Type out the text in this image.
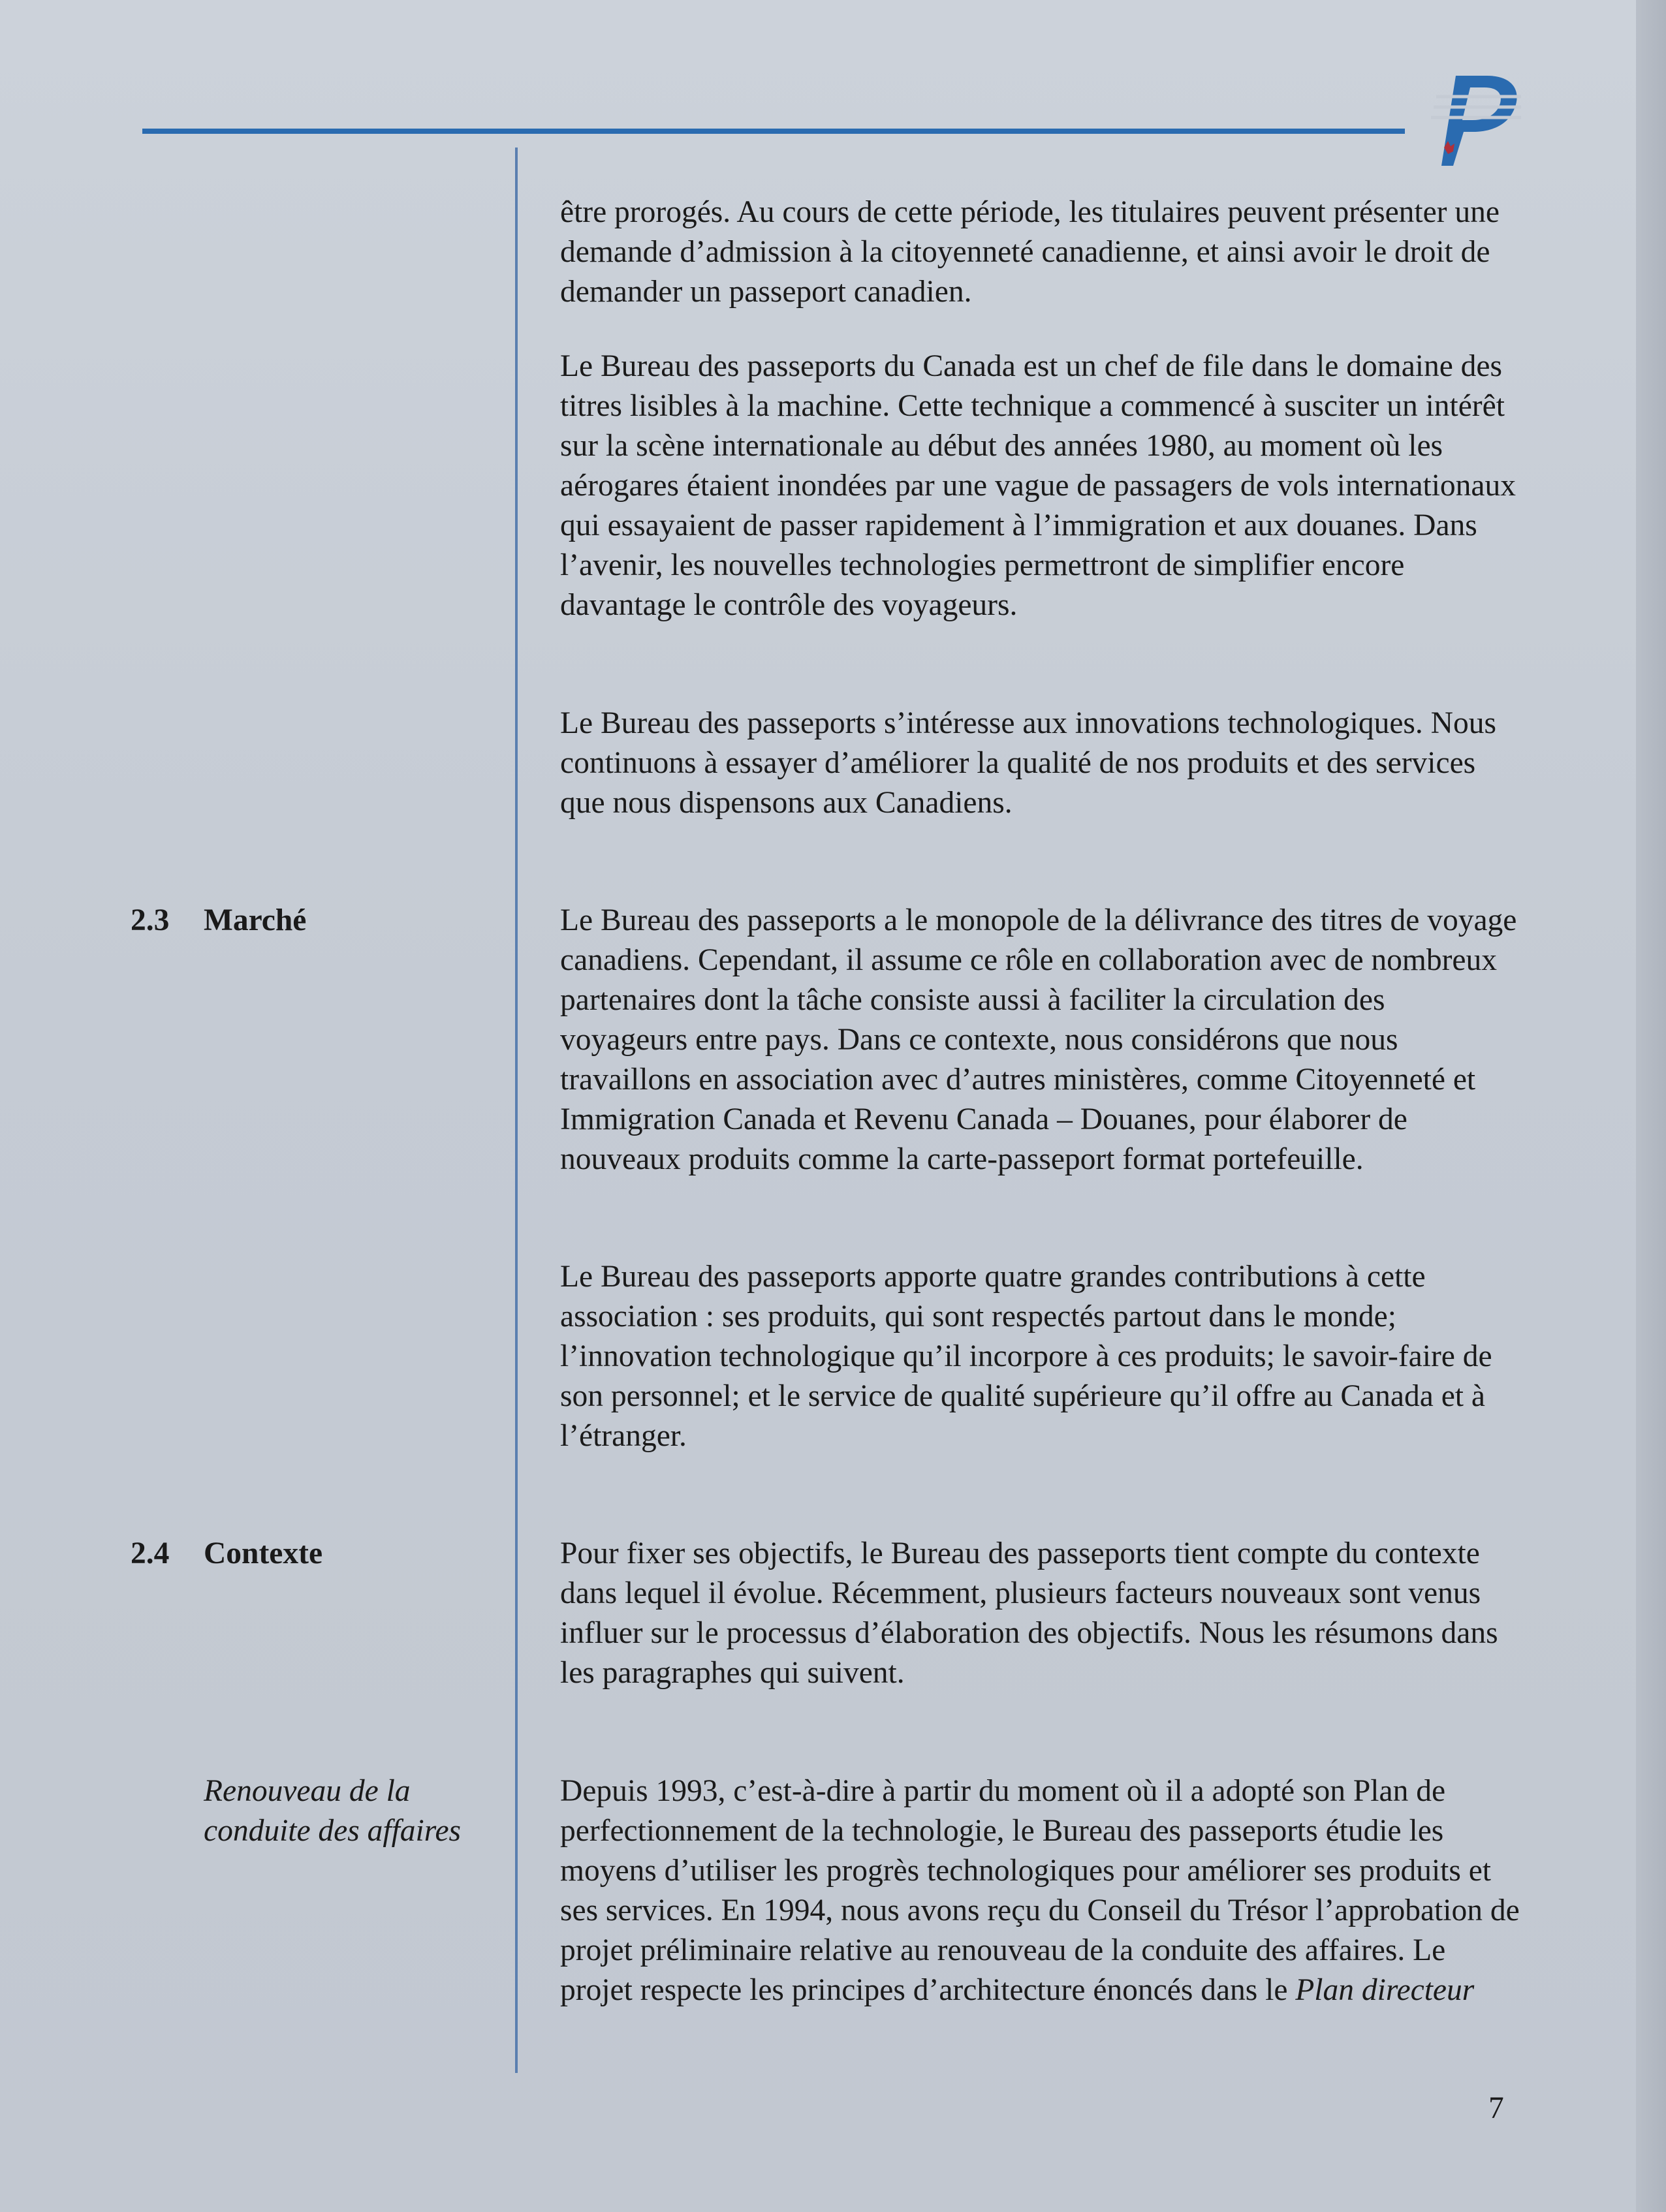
être prorogés. Au cours de cette période, les titulaires peuvent présenter une demande d’admission à la citoyenneté canadienne, et ainsi avoir le droit de demander un passeport canadien.

Le Bureau des passeports du Canada est un chef de file dans le domaine des titres lisibles à la machine. Cette technique a commencé à susciter un intérêt sur la scène internationale au début des années 1980, au moment où les aérogares étaient inondées par une vague de passagers de vols internationaux qui essayaient de passer rapidement à l’immigration et aux douanes. Dans l’avenir, les nouvelles technologies permettront de simplifier encore davantage le contrôle des voyageurs.

Le Bureau des passeports s’intéresse aux innovations technologiques. Nous continuons à essayer d’améliorer la qualité de nos produits et des services que nous dispensons aux Canadiens.

2.3 Marché	Le Bureau des passeports a le monopole de la délivrance des titres de voyage canadiens. Cependant, il assume ce rôle en collaboration avec de nombreux partenaires dont la tâche consiste aussi à faciliter la circulation des voyageurs entre pays. Dans ce contexte, nous considérons que nous travaillons en association avec d’autres ministères, comme Citoyenneté et Immigration Canada et Revenu Canada – Douanes, pour élaborer de nouveaux produits comme la carte-passeport format portefeuille.

Le Bureau des passeports apporte quatre grandes contributions à cette association : ses produits, qui sont respectés partout dans le monde; l’innovation technologique qu’il incorpore à ces produits; le savoir-faire de son personnel; et le service de qualité supérieure qu’il offre au Canada et à l’étranger.

2.4 Contexte	Pour fixer ses objectifs, le Bureau des passeports tient compte du contexte dans lequel il évolue. Récemment, plusieurs facteurs nouveaux sont venus influer sur le processus d’élaboration des objectifs. Nous les résumons dans les paragraphes qui suivent.

Renouveau de la
conduite des affaires

Depuis 1993, c’est-à-dire à partir du moment où il a adopté son Plan de perfectionnement de la technologie, le Bureau des passeports étudie les moyens d’utiliser les progrès technologiques pour améliorer ses produits et ses services. En 1994, nous avons reçu du Conseil du Trésor l’approbation de projet préliminaire relative au renouveau de la conduite des affaires. Le projet respecte les principes d’architecture énoncés dans le Plan directeur

7
